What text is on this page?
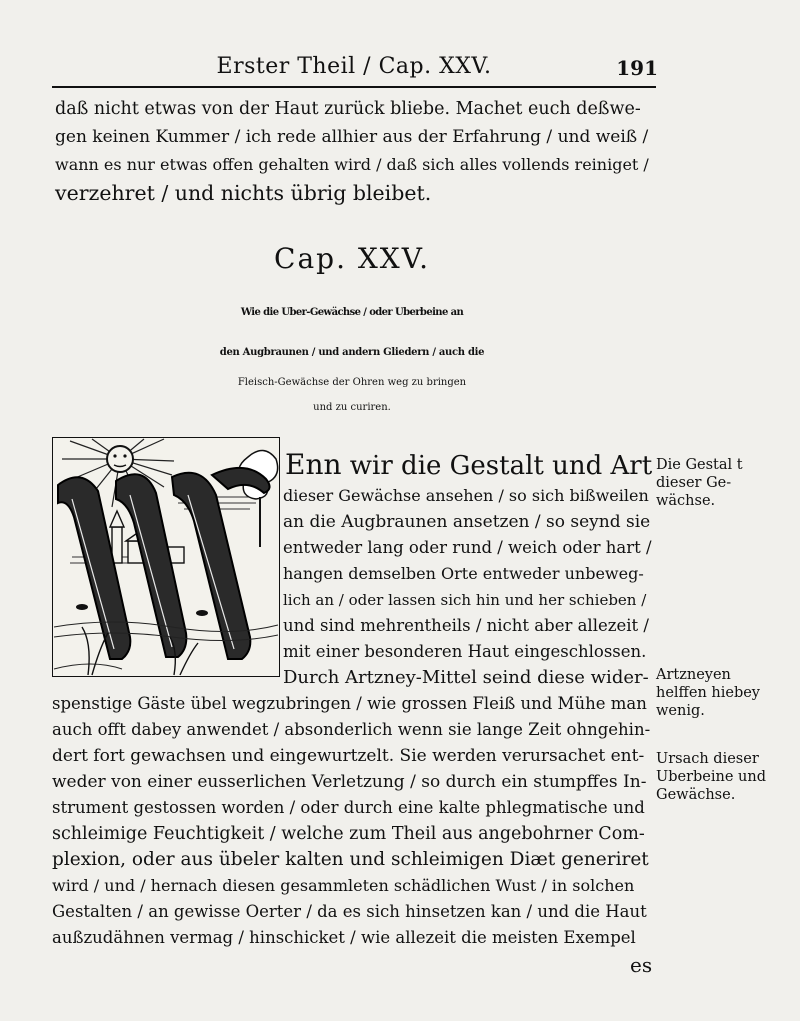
Erster Theil / Cap. XXV.	191
daß nicht etwas von der Haut zurück bliebe. Machet euch deßwe-
gen keinen Kummer / ich rede allhier aus der Erfahrung / und weiß /
wann es nur etwas offen gehalten wird / daß sich alles vollends reiniget /
verzehret / und nichts übrig bleibet.
Cap. XXV.
Wie die Uber-Gewächse / oder Uberbeine an
den Augbraunen / und andern Gliedern / auch die
Fleisch-Gewächse der Ohren weg zu bringen
und zu curiren.
Enn wir die Gestalt und Art
dieser Gewächse ansehen / so sich bißweilen
an die Augbraunen ansetzen / so seynd sie
entweder lang oder rund / weich oder hart /
hangen demselben Orte entweder unbeweg-
lich an / oder lassen sich hin und her schieben /
und sind mehrentheils / nicht aber allezeit /
mit einer besonderen Haut eingeschlossen.
Durch Artzney-Mittel seind diese wider-
spenstige Gäste übel wegzubringen / wie grossen Fleiß und Mühe man
auch offt dabey anwendet / absonderlich wenn sie lange Zeit ohngehin-
dert fort gewachsen und eingewurtzelt. Sie werden verursachet ent-
weder von einer eusserlichen Verletzung / so durch ein stumpffes In-
strument gestossen worden / oder durch eine kalte phlegmatische und
schleimige Feuchtigkeit / welche zum Theil aus angebohrner Com-
plexion, oder aus übeler kalten und schleimigen Diæt generiret
wird / und / hernach diesen gesammleten schädlichen Wust / in solchen
Gestalten / an gewisse Oerter / da es sich hinsetzen kan / und die Haut
außzudähnen vermag / hinschicket / wie allezeit die meisten Exempel
Die Gestal t
dieser Ge-
wächse.
Artzneyen
helffen hiebey
wenig.
Ursach dieser
Uberbeine und
Gewächse.
es
